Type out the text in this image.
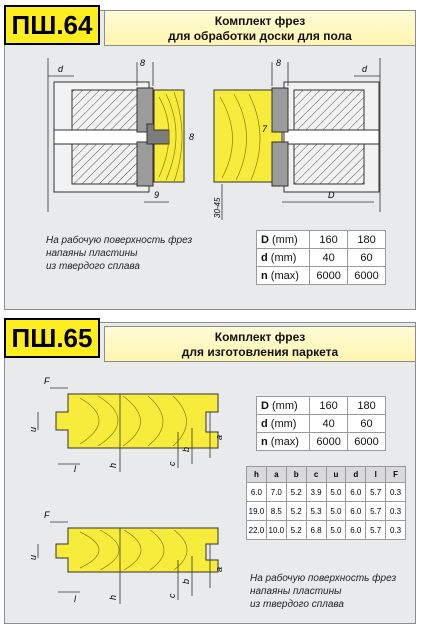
ПШ.64	Комплект фрез
для обработки доски для пола
d
8	8
d
9
7
8
30-45
D
На рабочую поверхность фрез
напаяны пластины
из твердого сплава
D (mm)	160	180
d (mm)	40	60
n (max)	6000	6000
ПШ.65	Комплект фрез
для изготовления паркета
F
u
l	h	c
b
a
F
u
l	h	c
b
a
D (mm)	160	180
d (mm)	40	60
n (max)	6000	6000
h	a	b	c	u	d	l	F
6.0	7.0	5.2	3.9	5.0	6.0	5.7	0.3
19.0	8.5	5.2	5.3	5.0	6.0	5.7	0.3
22.0	10.0	5.2	6.8	5.0	6.0	5.7	0.3
На рабочую поверхность фрез
напаяны пластины
из твердого сплава
